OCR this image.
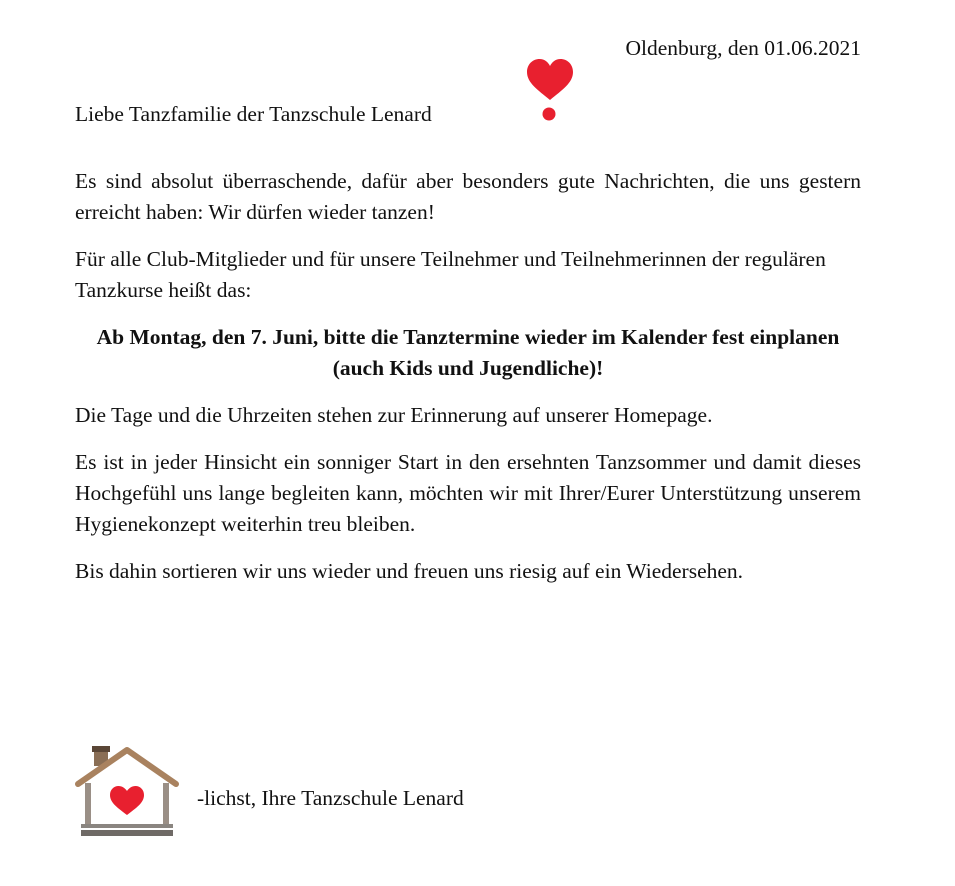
Oldenburg, den 01.06.2021
Liebe Tanzfamilie der Tanzschule Lenard

Es sind absolut überraschende, dafür aber besonders gute Nachrichten, die uns gestern erreicht haben: Wir dürfen wieder tanzen!

Für alle Club-Mitglieder und für unsere Teilnehmer und Teilnehmerinnen der regulären Tanzkurse heißt das:

Ab Montag, den 7. Juni, bitte die Tanztermine wieder im Kalender fest einplanen (auch Kids und Jugendliche)!

Die Tage und die Uhrzeiten stehen zur Erinnerung auf unserer Homepage.

Es ist in jeder Hinsicht ein sonniger Start in den ersehnten Tanzsommer und damit dieses Hochgefühl uns lange begleiten kann, möchten wir mit Ihrer/Eurer Unterstützung unserem Hygienekonzept weiterhin treu bleiben.

Bis dahin sortieren wir uns wieder und freuen uns riesig auf ein Wiedersehen.

-lichst, Ihre Tanzschule Lenard
